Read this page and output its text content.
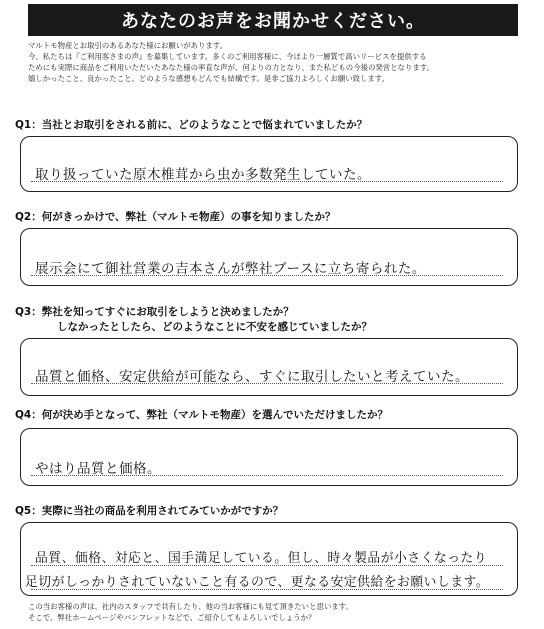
あなたのお声をお聞かせください。
マルトモ物産とお取引のあるあなた様にお願いがあります。
今、私たちは『ご利用客さまの声』を募集しています。多くのご利用客様に、今ほより一層質で高いリービスを提供する
ためにも実際に商品をご利用いただいたあなた様の率直な声が、何よりの力となり、また私どもの今後の発営となります。
嬉しかったこと、良かったこと、どのような感想もどんでも結構です。是非ご協力よろしくお願い致します。
Q1：当社とお取引をされる前に、どのようなことで悩まれていましたか？
取り扱っていた原木椎茸から虫か多数発生していた。
Q2：何がきっかけで、弊社（マルトモ物産）の事を知りましたか？
展示会にて御社営業の吉本さんが弊社ブースに立ち寄られた。
Q3：弊社を知ってすぐにお取引をしようと決めましたか？
しなかったとしたら、どのようなことに不安を感じていましたか？
品質と価格、安定供給が可能なら、すぐに取引したいと考えていた。
Q4：何が決め手となって、弊社（マルトモ物産）を選んでいただけましたか？
やはり品質と価格。
Q5：実際に当社の商品を利用されてみていかがですか？
品質、価格、対応と、国手満足している。但し、時々製品が小さくなったり
足切がしっかりされていないこと有るので、更なる安定供給をお願いします。
この当お客様の声は、社内のスタッフで共有したり、他の当お客様にも見て頂きたいと思います。
そこで、弊社ホームページやパンフレットなどで、ご紹介してもよろしいでしょうか？
